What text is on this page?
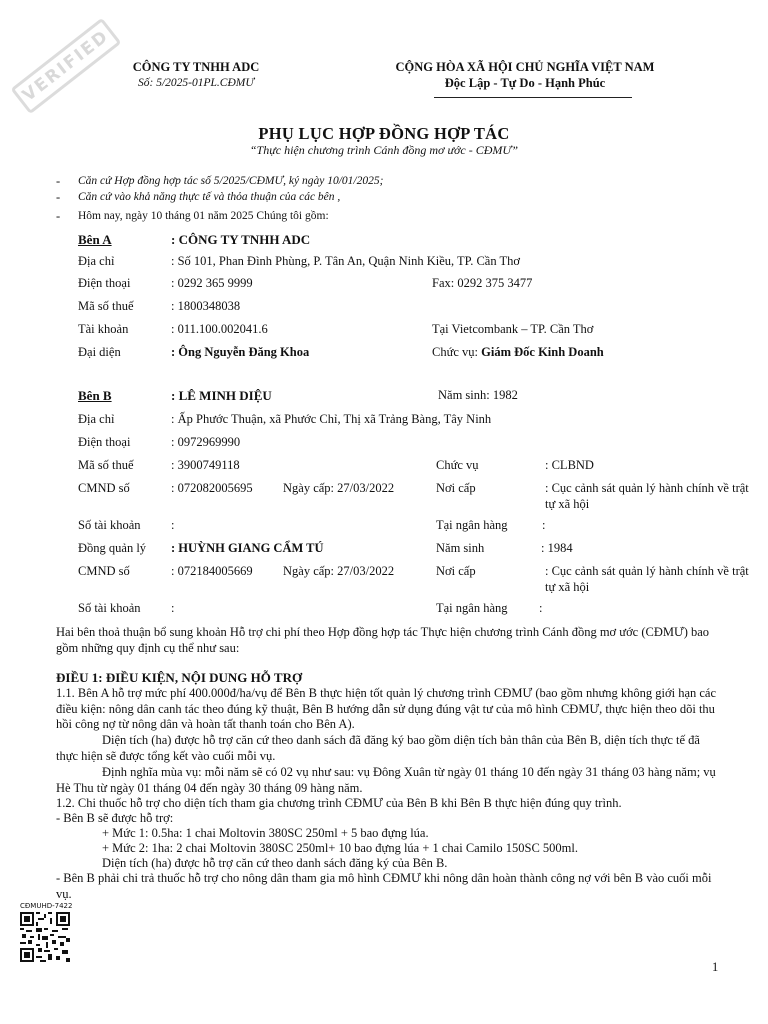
VERIFIED	CÔNG TY TNHH ADC
Số: 5/2025-01PL.CĐMƯ
CỘNG HÒA XÃ HỘI CHỦ NGHĨA VIỆT NAM
Độc Lập - Tự Do - Hạnh Phúc
PHỤ LỤC HỢP ĐỒNG HỢP TÁC
“Thực hiện chương trình Cánh đồng mơ ước - CĐMƯ”
- Căn cứ Hợp đồng hợp tác số 5/2025/CĐMƯ, ký ngày 10/01/2025;
- Căn cứ vào khả năng thực tế và thỏa thuận của các bên ,
- Hôm nay, ngày 10 tháng 01 năm 2025 Chúng tôi gồm:
Bên A	: CÔNG TY TNHH ADC
Địa chỉ	: Số 101, Phan Đình Phùng, P. Tân An, Quận Ninh Kiều, TP. Cần Thơ
Điện thoại	: 0292 365 9999	Fax: 0292 375 3477
Mã số thuế	: 1800348038
Tài khoản	: 011.100.002041.6	Tại Vietcombank – TP. Cần Thơ
Đại diện	: Ông Nguyễn Đăng Khoa	Chức vụ: Giám Đốc Kinh Doanh
Bên B	: LÊ MINH DIỆU	Năm sinh: 1982
Địa chỉ	: Ấp Phước Thuận, xã Phước Chỉ, Thị xã Trảng Bàng, Tây Ninh
Điện thoại	: 0972969990
Mã số thuế	: 3900749118	Chức vụ	: CLBND
CMND số	: 072082005695 Ngày cấp: 27/03/2022	Nơi cấp	: Cục cảnh sát quản lý hành chính về trật tự xã hội
Số tài khoản :	Tại ngân hàng	:
Đồng quản lý : HUỲNH GIANG CẨM TÚ	Năm sinh	: 1984
CMND số	: 072184005669 Ngày cấp: 27/03/2022	Nơi cấp	: Cục cảnh sát quản lý hành chính về trật tự xã hội
Số tài khoản :	Tại ngân hàng	:
Hai bên thoả thuận bổ sung khoản Hỗ trợ chi phí theo Hợp đồng hợp tác Thực hiện chương trình Cánh đồng mơ ước (CĐMƯ) bao gồm những quy định cụ thể như sau:
ĐIỀU 1: ĐIỀU KIỆN, NỘI DUNG HỖ TRỢ
1.1. Bên A hỗ trợ mức phí 400.000đ/ha/vụ để Bên B thực hiện tốt quản lý chương trình CĐMƯ (bao gồm nhưng không giới hạn các điều kiện: nông dân canh tác theo đúng kỹ thuật, Bên B hướng dẫn sử dụng đúng vật tư của mô hình CĐMƯ, thực hiện theo dõi thu hồi công nợ từ nông dân và hoàn tất thanh toán cho Bên A).
Diện tích (ha) được hỗ trợ căn cứ theo danh sách đã đăng ký bao gồm diện tích bản thân của Bên B, diện tích thực tế đã thực hiện sẽ được tổng kết vào cuối mỗi vụ.
Định nghĩa mùa vụ: mỗi năm sẽ có 02 vụ như sau: vụ Đông Xuân từ ngày 01 tháng 10 đến ngày 31 tháng 03 hàng năm; vụ Hè Thu từ ngày 01 tháng 04 đến ngày 30 tháng 09 hàng năm.
1.2. Chi thuốc hỗ trợ cho diện tích tham gia chương trình CĐMƯ của Bên B khi Bên B thực hiện đúng quy trình.
- Bên B sẽ được hỗ trợ:
+ Mức 1: 0.5ha: 1 chai Moltovin 380SC 250ml + 5 bao đựng lúa.
+ Mức 2: 1ha: 2 chai Moltovin 380SC 250ml+ 10 bao đựng lúa + 1 chai Camilo 150SC 500ml.
Diện tích (ha) được hỗ trợ căn cứ theo danh sách đăng ký của Bên B.
- Bên B phải chi trả thuốc hỗ trợ cho nông dân tham gia mô hình CĐMƯ khi nông dân hoàn thành công nợ với bên B vào cuối mỗi vụ.
CĐMUHD-7422
1
